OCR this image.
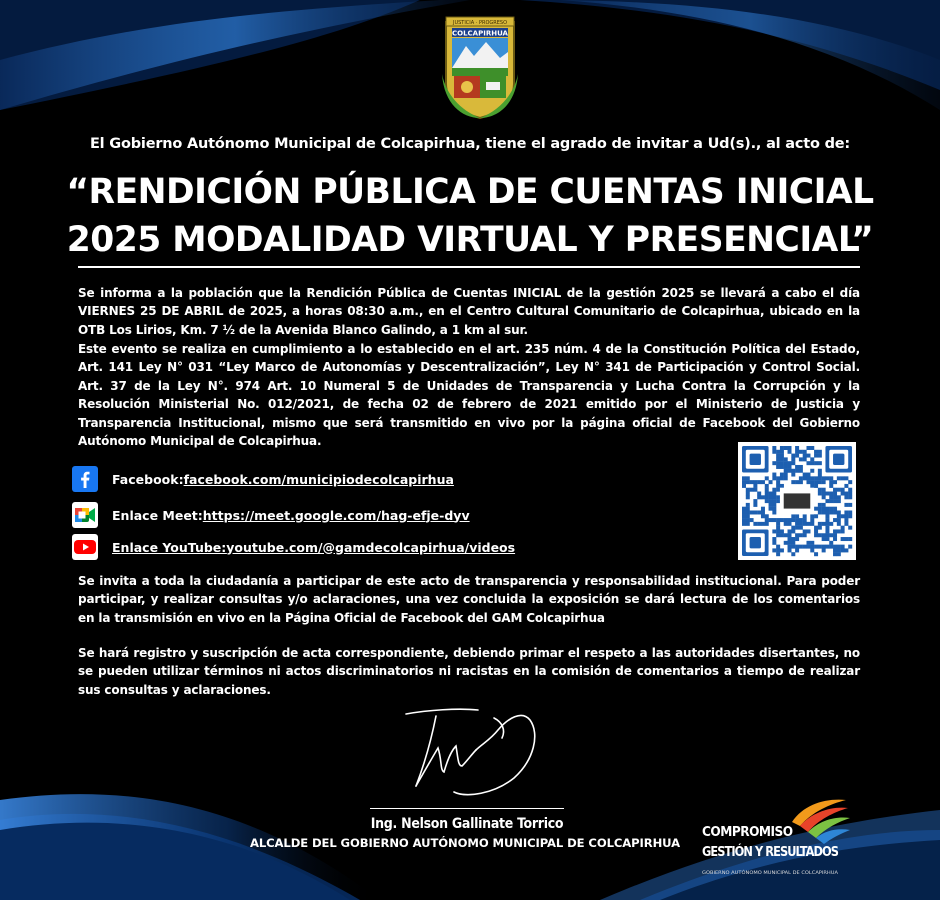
JUSTICIA · PROGRESO
COLCAPIRHUA
El Gobierno Autónomo Municipal de Colcapirhua, tiene el agrado de invitar a Ud(s)., al acto de:
“RENDICIÓN PÚBLICA DE CUENTAS INICIAL
2025 MODALIDAD VIRTUAL Y PRESENCIAL”
Se informa a la población que la Rendición Pública de Cuentas INICIAL de la gestión 2025 se llevará a cabo el día VIERNES 25 DE ABRIL de 2025, a horas 08:30 a.m., en el Centro Cultural Comunitario de Colcapirhua, ubicado en la OTB Los Lirios, Km. 7 ½ de la Avenida Blanco Galindo, a 1 km al sur.
Este evento se realiza en cumplimiento a lo establecido en el art. 235 núm. 4 de la Constitución Política del Estado, Art. 141 Ley N° 031 “Ley Marco de Autonomías y Descentralización”, Ley N° 341 de Participación y Control Social. Art. 37 de la Ley N°. 974 Art. 10 Numeral 5 de Unidades de Transparencia y Lucha Contra la Corrupción y la Resolución Ministerial No. 012/2021, de fecha 02 de febrero de 2021 emitido por el Ministerio de Justicia y Transparencia Institucional, mismo que será transmitido en vivo por la página oficial de Facebook del Gobierno Autónomo Municipal de Colcapirhua.
Facebook: facebook.com/municipiodecolcapirhua
Enlace Meet: https://meet.google.com/hag-efje-dyv
Enlace YouTube: youtube.com/@gamdecolcapirhua/videos
Se invita a toda la ciudadanía a participar de este acto de transparencia y responsabilidad institucional. Para poder participar, y realizar consultas y/o aclaraciones, una vez concluida la exposición se dará lectura de los comentarios en la transmisión en vivo en la Página Oficial de Facebook del GAM Colcapirhua
Se hará registro y suscripción de acta correspondiente, debiendo primar el respeto a las autoridades disertantes, no se pueden utilizar términos ni actos discriminatorios ni racistas en la comisión de comentarios a tiempo de realizar sus consultas y aclaraciones.
Ing. Nelson Gallinate Torrico
ALCALDE DEL GOBIERNO AUTÓNOMO MUNICIPAL DE COLCAPIRHUA
COMPROMISO
GESTIÓN Y RESULTADOS
GOBIERNO AUTÓNOMO MUNICIPAL DE COLCAPIRHUA
